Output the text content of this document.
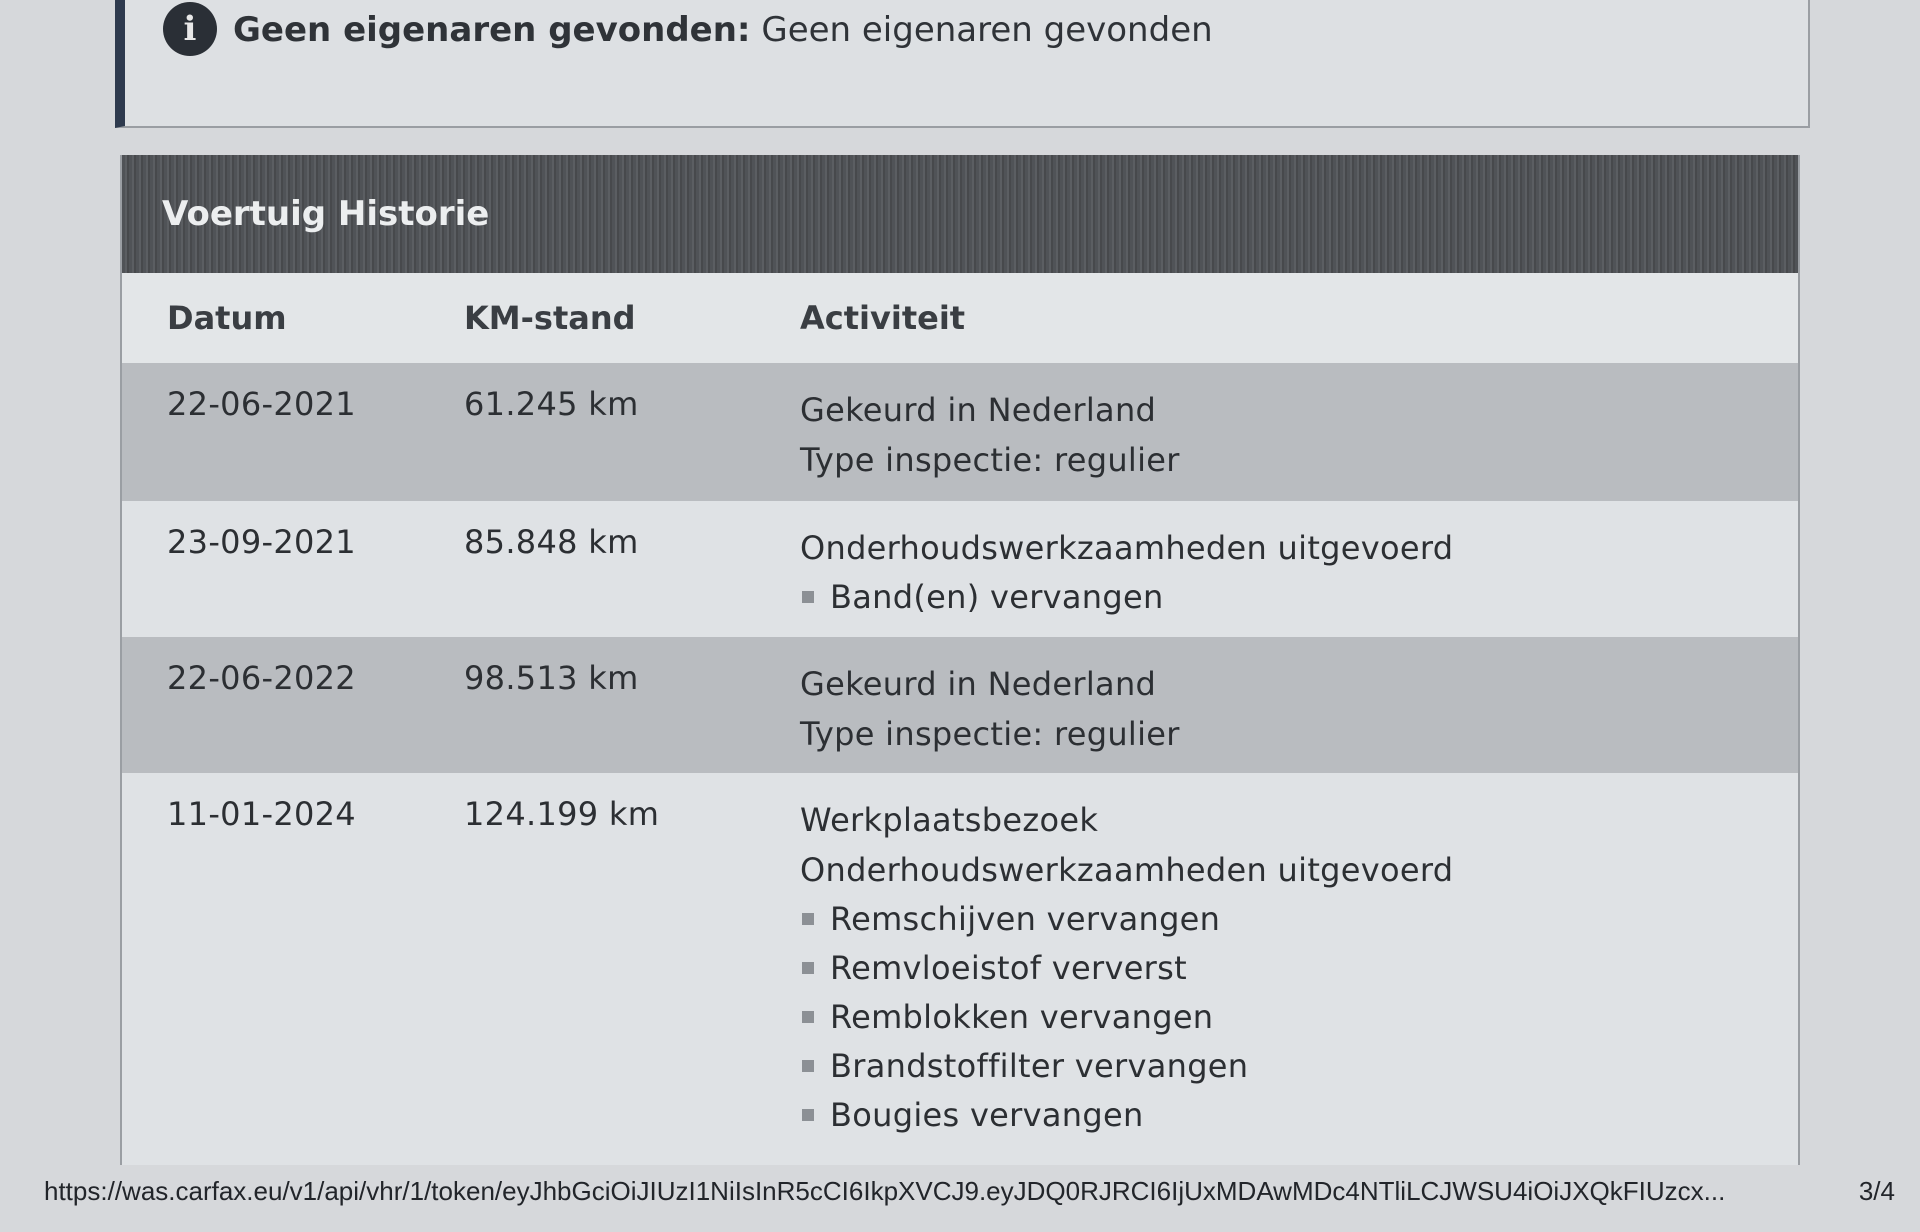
i	Geen eigenaren gevonden: Geen eigenaren gevonden
Voertuig Historie
Datum	KM-stand	Activiteit
22-06-2021	61.245 km	Gekeurd in Nederland
Type inspectie: regulier
23-09-2021	85.848 km	Onderhoudswerkzaamheden uitgevoerd
Band(en) vervangen
22-06-2022	98.513 km	Gekeurd in Nederland
Type inspectie: regulier
11-01-2024	124.199 km	Werkplaatsbezoek
Onderhoudswerkzaamheden uitgevoerd
Remschijven vervangen
Remvloeistof ververst
Remblokken vervangen
Brandstoffilter vervangen
Bougies vervangen
https://was.carfax.eu/v1/api/vhr/1/token/eyJhbGciOiJIUzI1NiIsInR5cCI6IkpXVCJ9.eyJDQ0RJRCI6IjUxMDAwMDc4NTliLCJWSU4iOiJXQkFIUzcx...	3/4
